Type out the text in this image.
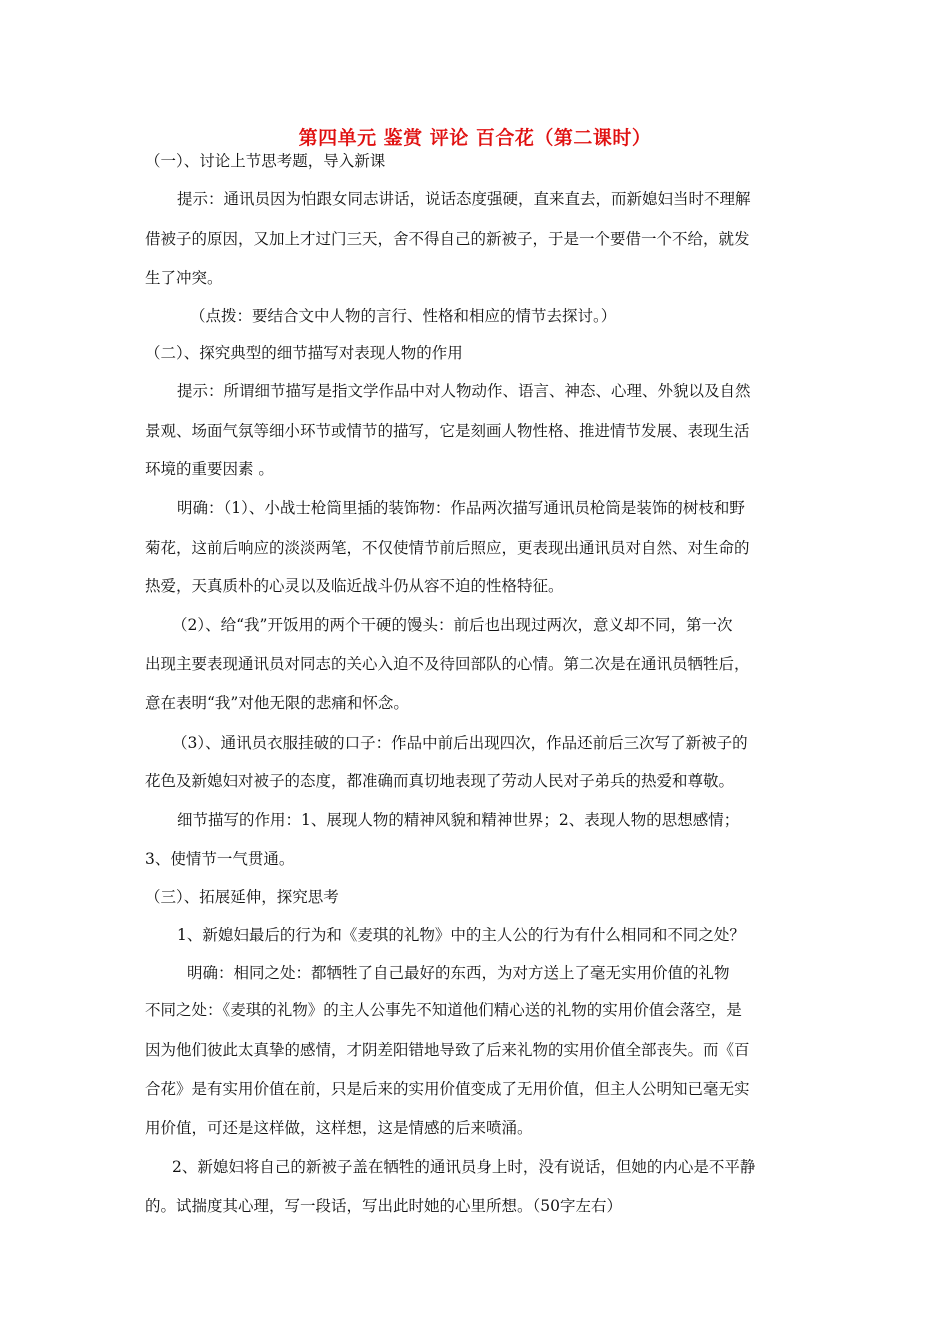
第四单元 鉴赏 评论 百合花（第二课时）
（一）、讨论上节思考题，导入新课
提示：通讯员因为怕跟女同志讲话，说话态度强硬，直来直去，而新媳妇当时不理解
借被子的原因，又加上才过门三天，舍不得自己的新被子，于是一个要借一个不给，就发
生了冲突。
（点拨：要结合文中人物的言行、性格和相应的情节去探讨。）
（二）、探究典型的细节描写对表现人物的作用
提示：所谓细节描写是指文学作品中对人物动作、语言、神态、心理、外貌以及自然
景观、场面气氛等细小环节或情节的描写，它是刻画人物性格、推进情节发展、表现生活
环境的重要因素 。
明确：（1）、小战士枪筒里插的装饰物：作品两次描写通讯员枪筒是装饰的树枝和野
菊花，这前后响应的淡淡两笔，不仅使情节前后照应，更表现出通讯员对自然、对生命的
热爱，天真质朴的心灵以及临近战斗仍从容不迫的性格特征。
（2）、给“我”开饭用的两个干硬的馒头：前后也出现过两次，意义却不同，第一次
出现主要表现通讯员对同志的关心入迫不及待回部队的心情。第二次是在通讯员牺牲后，
意在表明“我”对他无限的悲痛和怀念。
（3）、通讯员衣服挂破的口子：作品中前后出现四次，作品还前后三次写了新被子的
花色及新媳妇对被子的态度，都准确而真切地表现了劳动人民对子弟兵的热爱和尊敬。
细节描写的作用：1、展现人物的精神风貌和精神世界；2、表现人物的思想感情；
3、使情节一气贯通。
（三）、拓展延伸，探究思考
1、新媳妇最后的行为和《麦琪的礼物》中的主人公的行为有什么相同和不同之处？
明确：相同之处：都牺牲了自己最好的东西，为对方送上了毫无实用价值的礼物
不同之处：《麦琪的礼物》的主人公事先不知道他们精心送的礼物的实用价值会落空，是
因为他们彼此太真挚的感情，才阴差阳错地导致了后来礼物的实用价值全部丧失。而《百
合花》是有实用价值在前，只是后来的实用价值变成了无用价值，但主人公明知已毫无实
用价值，可还是这样做，这样想，这是情感的后来喷涌。
2、新媳妇将自己的新被子盖在牺牲的通讯员身上时，没有说话，但她的内心是不平静
的。试揣度其心理，写一段话，写出此时她的心里所想。（50字左右）
